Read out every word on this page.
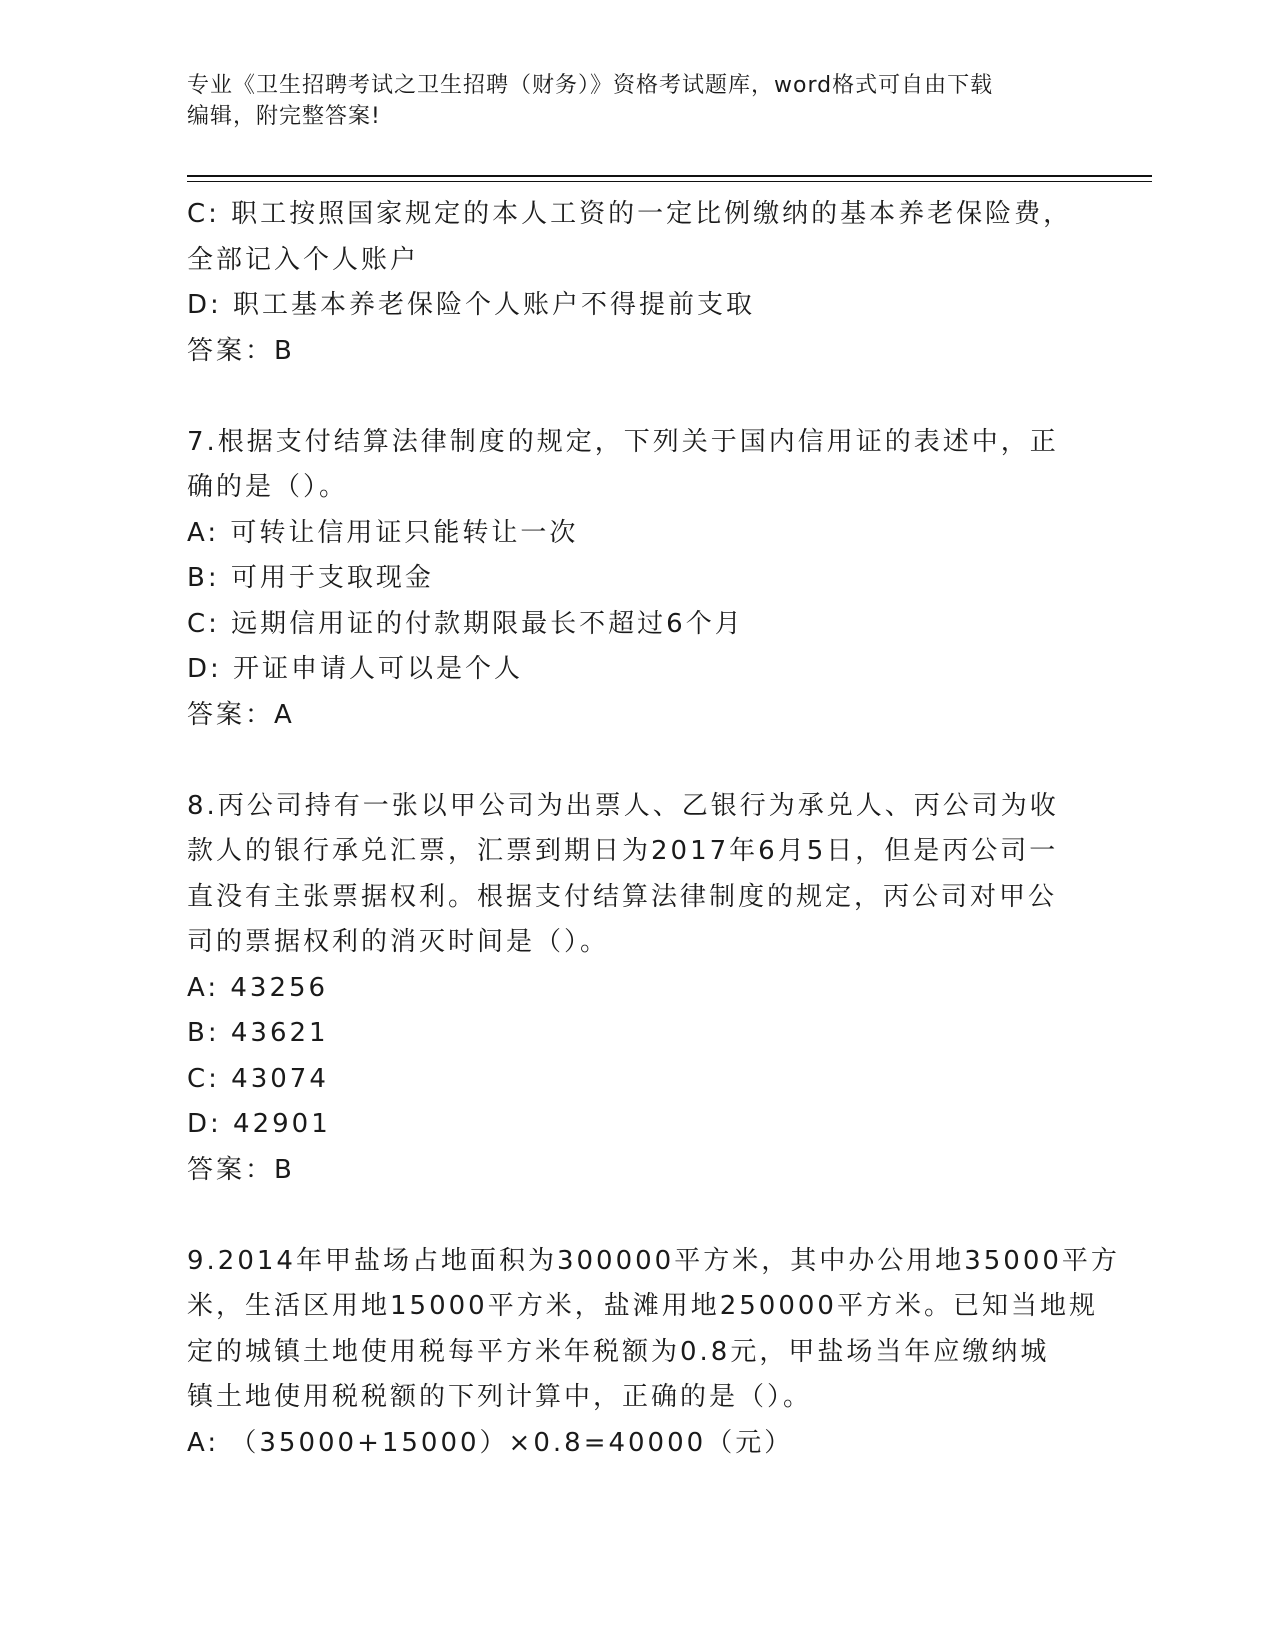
专业《卫生招聘考试之卫生招聘（财务）》资格考试题库，word格式可自由下载
编辑，附完整答案!
C: 职工按照国家规定的本人工资的一定比例缴纳的基本养老保险费，
全部记入个人账户
D: 职工基本养老保险个人账户不得提前支取
答案：B
7.根据支付结算法律制度的规定，下列关于国内信用证的表述中，正
确的是（）。
A: 可转让信用证只能转让一次
B: 可用于支取现金
C: 远期信用证的付款期限最长不超过6个月
D: 开证申请人可以是个人
答案：A
8.丙公司持有一张以甲公司为出票人、乙银行为承兑人、丙公司为收
款人的银行承兑汇票，汇票到期日为2017年6月5日，但是丙公司一
直没有主张票据权利。根据支付结算法律制度的规定，丙公司对甲公
司的票据权利的消灭时间是（）。
A: 43256
B: 43621
C: 43074
D: 42901
答案：B
9.2014年甲盐场占地面积为300000平方米，其中办公用地35000平方
米，生活区用地15000平方米，盐滩用地250000平方米。已知当地规
定的城镇土地使用税每平方米年税额为0.8元，甲盐场当年应缴纳城
镇土地使用税税额的下列计算中，正确的是（）。
A: （35000+15000）×0.8=40000（元）
